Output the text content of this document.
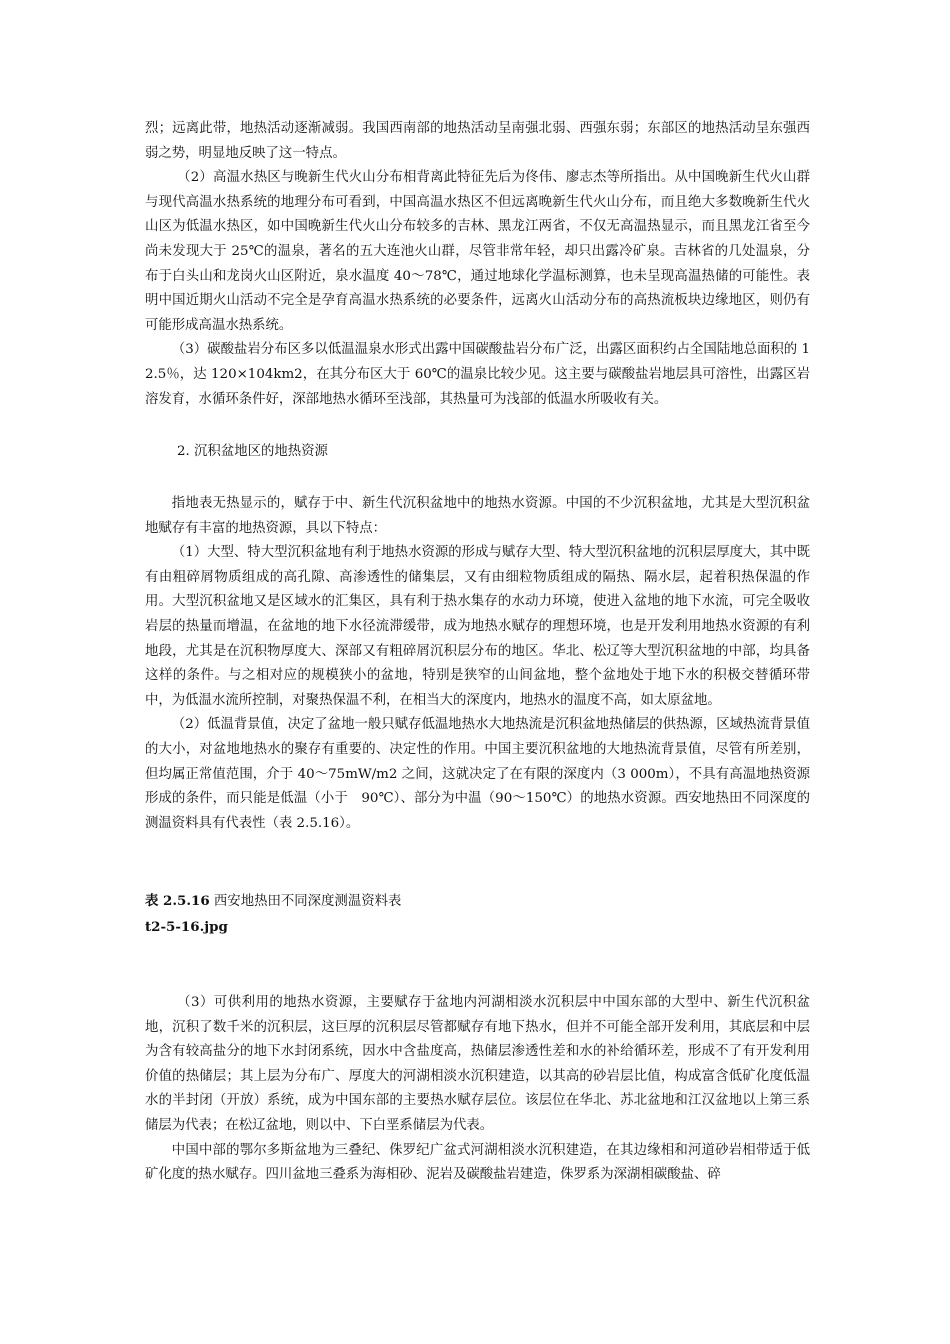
烈；远离此带，地热活动逐渐减弱。我国西南部的地热活动呈南强北弱、西强东弱；东部区的地热活动呈东强西弱之势，明显地反映了这一特点。

（2）高温水热区与晚新生代火山分布相背离此特征先后为佟伟、廖志杰等所指出。从中国晚新生代火山群与现代高温水热系统的地理分布可看到，中国高温水热区不但远离晚新生代火山分布，而且绝大多数晚新生代火山区为低温水热区，如中国晚新生代火山分布较多的吉林、黑龙江两省，不仅无高温热显示，而且黑龙江省至今尚未发现大于 25℃的温泉，著名的五大连池火山群，尽管非常年轻，却只出露冷矿泉。吉林省的几处温泉，分布于白头山和龙岗火山区附近，泉水温度 40～78℃，通过地球化学温标测算，也未呈现高温热储的可能性。表明中国近期火山活动不完全是孕育高温水热系统的必要条件，远离火山活动分布的高热流板块边缘地区，则仍有可能形成高温水热系统。

（3）碳酸盐岩分布区多以低温温泉水形式出露中国碳酸盐岩分布广泛，出露区面积约占全国陆地总面积的 12.5％，达 120×104km2，在其分布区大于 60℃的温泉比较少见。这主要与碳酸盐岩地层具可溶性，出露区岩溶发育，水循环条件好，深部地热水循环至浅部，其热量可为浅部的低温水所吸收有关。

2. 沉积盆地区的地热资源

指地表无热显示的，赋存于中、新生代沉积盆地中的地热水资源。中国的不少沉积盆地，尤其是大型沉积盆地赋存有丰富的地热资源，具以下特点：

（1）大型、特大型沉积盆地有利于地热水资源的形成与赋存大型、特大型沉积盆地的沉积层厚度大，其中既有由粗碎屑物质组成的高孔隙、高渗透性的储集层，又有由细粒物质组成的隔热、隔水层，起着积热保温的作用。大型沉积盆地又是区域水的汇集区，具有利于热水集存的水动力环境，使进入盆地的地下水流，可完全吸收岩层的热量而增温，在盆地的地下水径流滞缓带，成为地热水赋存的理想环境，也是开发利用地热水资源的有利地段，尤其是在沉积物厚度大、深部又有粗碎屑沉积层分布的地区。华北、松辽等大型沉积盆地的中部，均具备这样的条件。与之相对应的规模狭小的盆地，特别是狭窄的山间盆地，整个盆地处于地下水的积极交替循环带中，为低温水流所控制，对聚热保温不利，在相当大的深度内，地热水的温度不高，如太原盆地。

（2）低温背景值，决定了盆地一般只赋存低温地热水大地热流是沉积盆地热储层的供热源，区域热流背景值的大小，对盆地地热水的聚存有重要的、决定性的作用。中国主要沉积盆地的大地热流背景值，尽管有所差别，但均属正常值范围，介于 40～75mW/m2 之间，这就决定了在有限的深度内（3 000m），不具有高温地热资源形成的条件，而只能是低温（小于　90℃）、部分为中温（90～150℃）的地热水资源。西安地热田不同深度的测温资料具有代表性（表 2.5.16）。

表 2.5.16 西安地热田不同深度测温资料表

t2-5-16.jpg

（3）可供利用的地热水资源，主要赋存于盆地内河湖相淡水沉积层中中国东部的大型中、新生代沉积盆地，沉积了数千米的沉积层，这巨厚的沉积层尽管都赋存有地下热水，但并不可能全部开发利用，其底层和中层为含有较高盐分的地下水封闭系统，因水中含盐度高，热储层渗透性差和水的补给循环差，形成不了有开发利用价值的热储层；其上层为分布广、厚度大的河湖相淡水沉积建造，以其高的砂岩层比值，构成富含低矿化度低温水的半封闭（开放）系统，成为中国东部的主要热水赋存层位。该层位在华北、苏北盆地和江汉盆地以上第三系储层为代表；在松辽盆地，则以中、下白垩系储层为代表。

中国中部的鄂尔多斯盆地为三叠纪、侏罗纪广盆式河湖相淡水沉积建造，在其边缘相和河道砂岩相带适于低矿化度的热水赋存。四川盆地三叠系为海相砂、泥岩及碳酸盐岩建造，侏罗系为深湖相碳酸盐、碎
